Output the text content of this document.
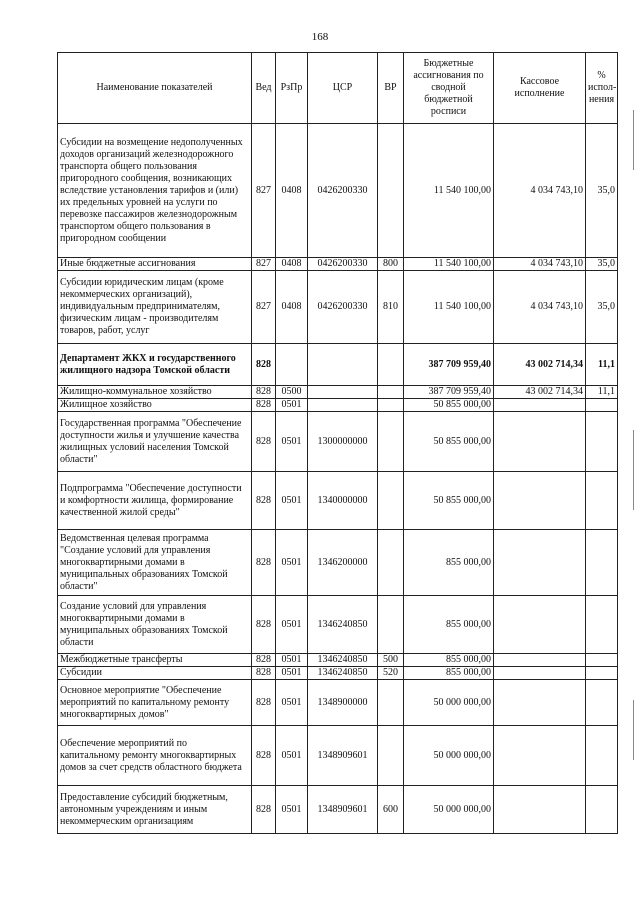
168
Наименование показателей	Вед	РзПр	ЦСР	ВР	Бюджетные ассигнования по сводной бюджетной росписи	Кассовое исполнение	% испол-нения
Субсидии на возмещение недополученных доходов организаций железнодорожного транспорта общего пользования пригородного сообщения, возникающих вследствие установления тарифов и (или) их предельных уровней на услуги по перевозке пассажиров железнодорожным транспортом общего пользования в пригородном сообщении	827	0408	0426200330		11 540 100,00	4 034 743,10	35,0
Иные бюджетные ассигнования	827	0408	0426200330	800	11 540 100,00	4 034 743,10	35,0
Субсидии юридическим лицам (кроме некоммерческих организаций), индивидуальным предпринимателям, физическим лицам - производителям товаров, работ, услуг	827	0408	0426200330	810	11 540 100,00	4 034 743,10	35,0
Департамент ЖКХ и государственного жилищного надзора Томской области	828				387 709 959,40	43 002 714,34	11,1
Жилищно-коммунальное хозяйство	828	0500			387 709 959,40	43 002 714,34	11,1
Жилищное хозяйство	828	0501			50 855 000,00		
Государственная программа "Обеспечение доступности жилья и улучшение качества жилищных условий населения Томской области"	828	0501	1300000000		50 855 000,00		
Подпрограмма "Обеспечение доступности и комфортности жилища, формирование качественной жилой среды"	828	0501	1340000000		50 855 000,00		
Ведомственная целевая программа "Создание условий для управления многоквартирными домами в муниципальных образованиях Томской области"	828	0501	1346200000		855 000,00		
Создание условий для управления многоквартирными домами в муниципальных образованиях Томской области	828	0501	1346240850		855 000,00		
Межбюджетные трансферты	828	0501	1346240850	500	855 000,00		
Субсидии	828	0501	1346240850	520	855 000,00		
Основное мероприятие "Обеспечение мероприятий по капитальному ремонту многоквартирных домов"	828	0501	1348900000		50 000 000,00		
Обеспечение мероприятий по капитальному ремонту многоквартирных домов за счет средств областного бюджета	828	0501	1348909601		50 000 000,00		
Предоставление субсидий бюджетным, автономным учреждениям и иным некоммерческим организациям	828	0501	1348909601	600	50 000 000,00		
